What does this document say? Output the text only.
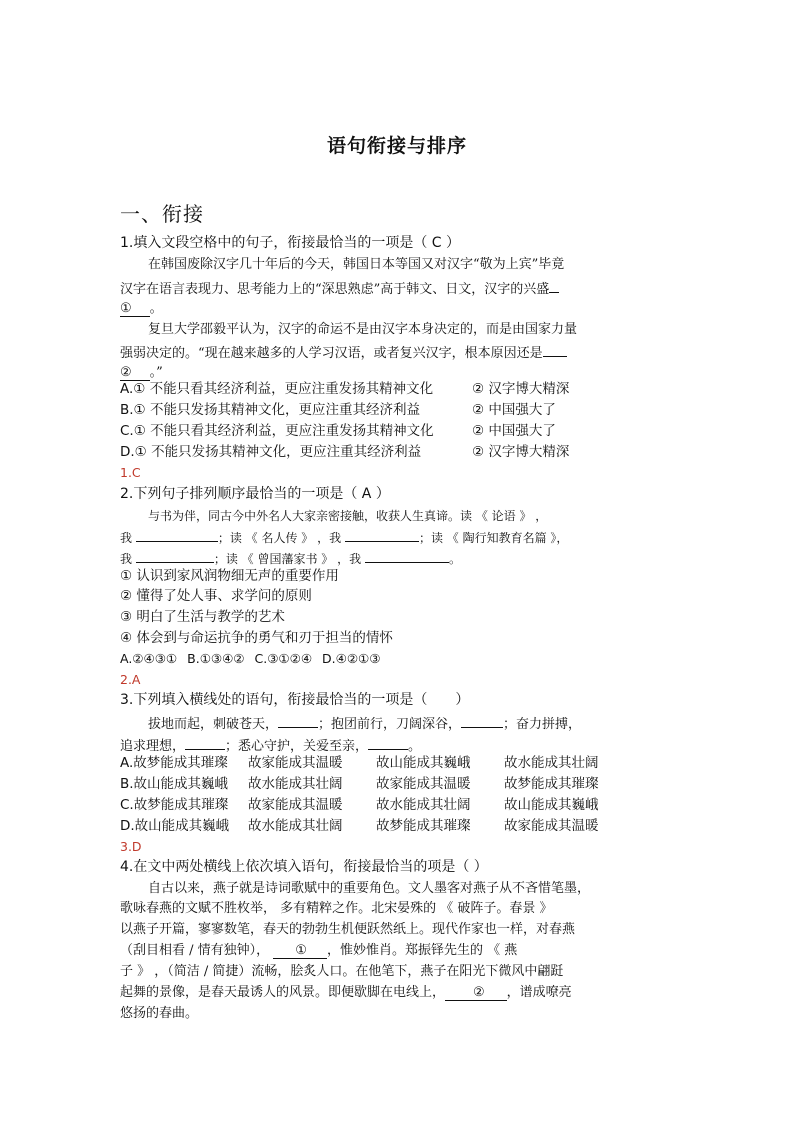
语句衔接与排序
一、衔接
1.填入文段空格中的句子，衔接最恰当的一项是（ C ）
在韩国废除汉字几十年后的今天，韩国日本等国又对汉字“敬为上宾”毕竟
汉字在语言表现力、思考能力上的“深思熟虑”高于韩文、日文，汉字的兴盛
① 。
复旦大学邵毅平认为，汉字的命运不是由汉字本身决定的，而是由国家力量
强弱决定的。“现在越来越多的人学习汉语，或者复兴汉字，根本原因还是
② 。”
A.① 不能只看其经济利益，更应注重发扬其精神文化	② 汉字博大精深
B.① 不能只发扬其精神文化，更应注重其经济利益	② 中国强大了
C.① 不能只看其经济利益，更应注重发扬其精神文化	② 中国强大了
D.① 不能只发扬其精神文化，更应注重其经济利益	② 汉字博大精深
1.C
2.下列句子排列顺序最恰当的一项是（ A ）
与书为伴，同古今中外名人大家亲密接触，收获人生真谛。读 《 论语 》 ，
我	；读 《 名人传 》 ，我	；读 《 陶行知教育名篇 》，
我	；读 《 曾国藩家书 》 ，我	。
① 认识到家风润物细无声的重要作用
② 懂得了处人事、求学问的原则
③ 明白了生活与教学的艺术
④ 体会到与命运抗争的勇气和刃于担当的情怀
A.②④③① B.①③④② C.③①②④ D.④②①③
2.A
3.下列填入横线处的语句，衔接最恰当的一项是（　　）
拔地而起，刺破苍天，	；抱团前行，刀阔深谷，	；奋力拼搏，
追求理想，	；悉心守护，关爱至亲，	。
A.故梦能成其璀璨 故家能成其温暖 故山能成其巍峨 故水能成其壮阔
B.故山能成其巍峨 故水能成其壮阔 故家能成其温暖 故梦能成其璀璨
C.故梦能成其璀璨 故家能成其温暖 故水能成其壮阔 故山能成其巍峨
D.故山能成其巍峨 故水能成其壮阔 故梦能成其璀璨 故家能成其温暖
3.D
4.在文中两处横线上依次填入语句，衔接最恰当的项是（ ）
自古以来，燕子就是诗词歌赋中的重要角色。文人墨客对燕子从不吝惜笔墨，
歌咏春燕的文赋不胜枚举， 多有精粹之作。北宋晏殊的 《 破阵子。春景 》
以燕子开篇，寥寥数笔，春天的勃勃生机便跃然纸上。现代作家也一样，对春燕
（刮目相看 / 情有独钟）， ① ，惟妙惟肖。郑振铎先生的 《 燕
子 》 ，（简洁 / 简捷）流畅，脍炙人口。在他笔下，燕子在阳光下微风中翩跹
起舞的景像，是春天最诱人的风景。即便歇脚在电线上， ② ，谱成嘹亮
悠扬的春曲。
